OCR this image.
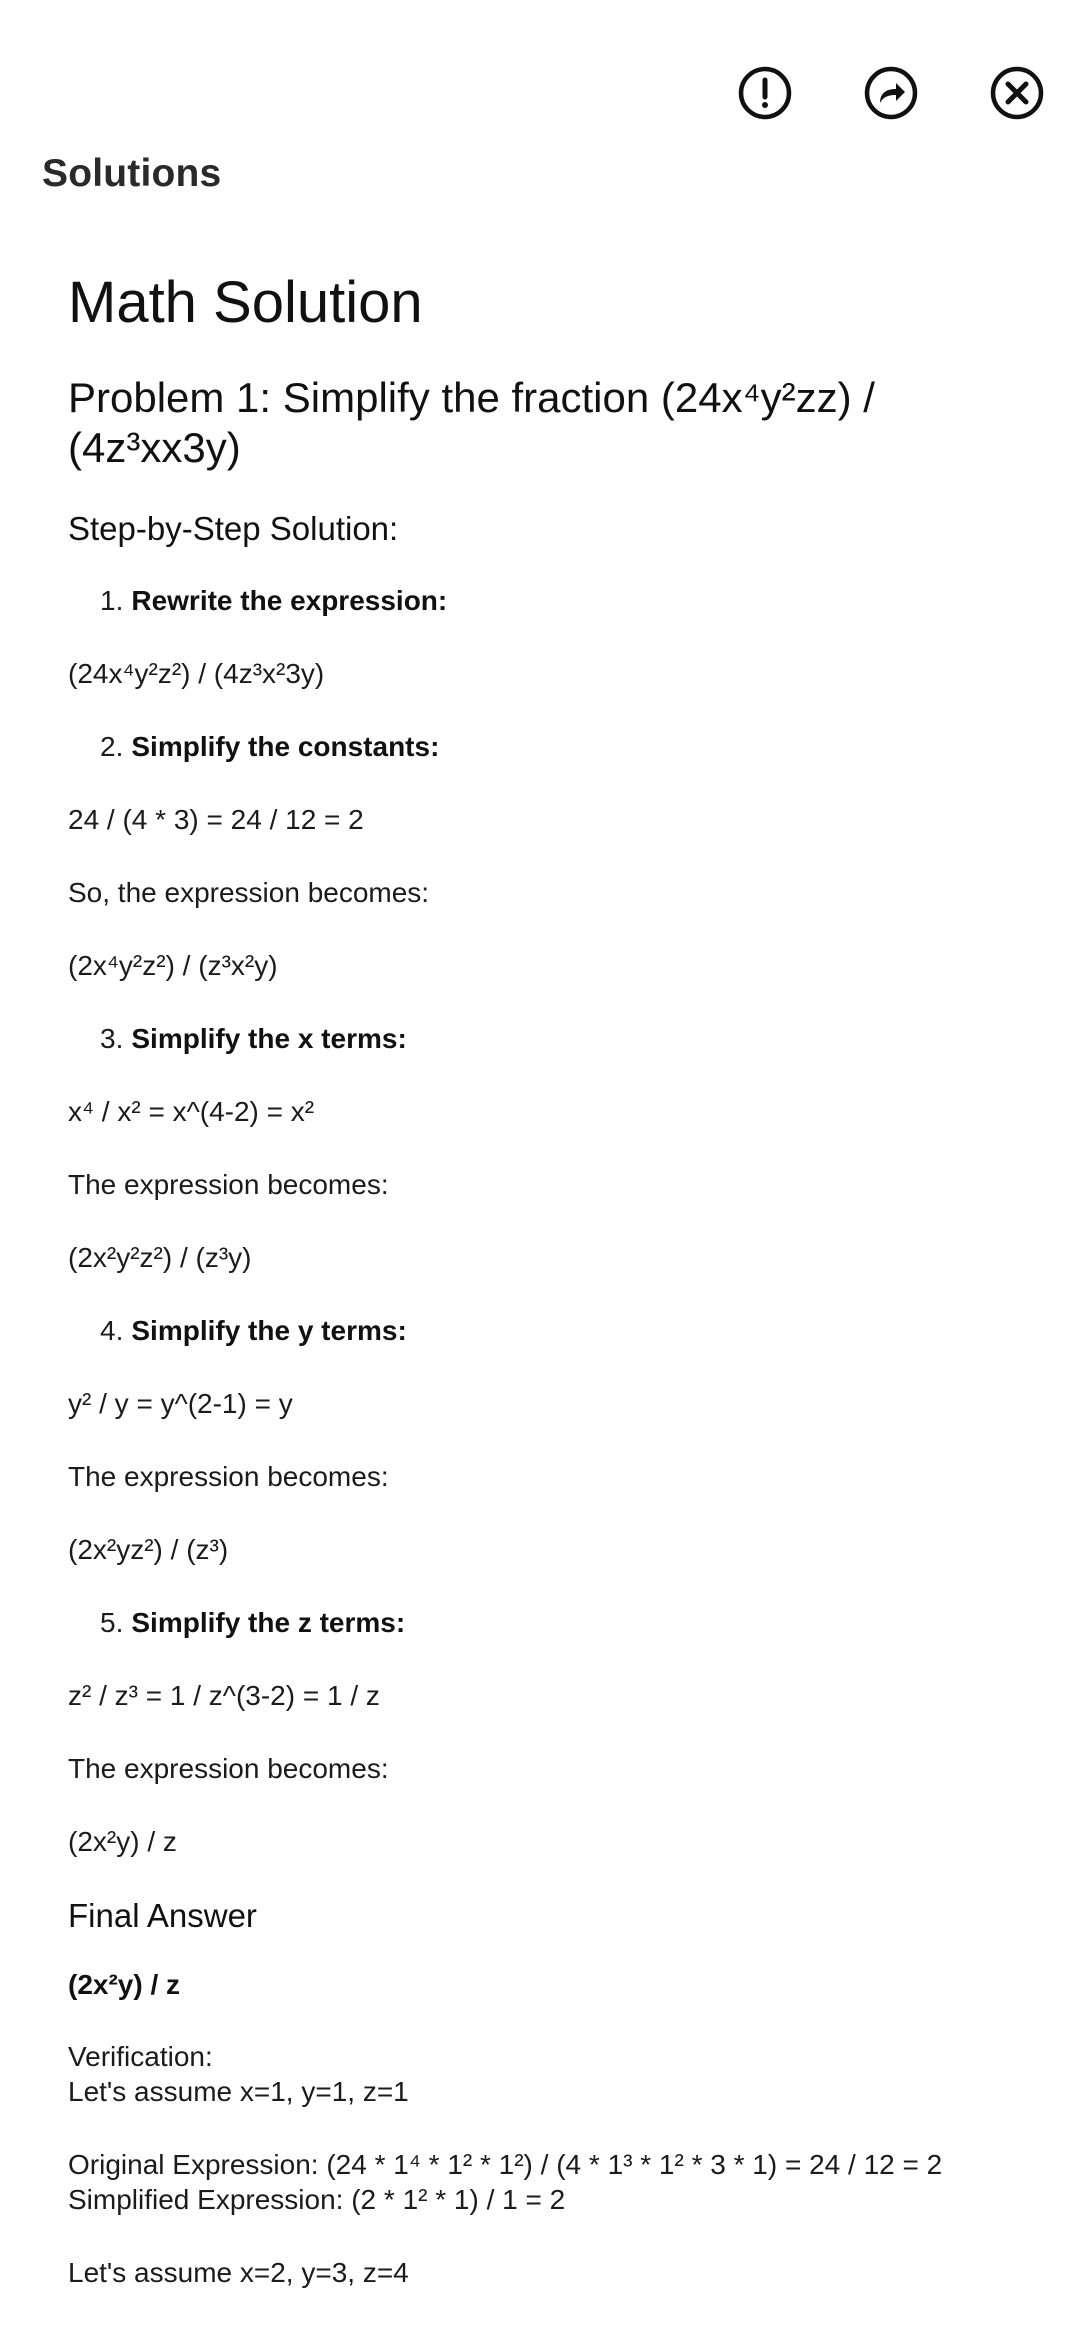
Solutions
Math Solution
Problem 1: Simplify the fraction (24x⁴y²zz) / (4z³xx3y)
Step-by-Step Solution:
1. Rewrite the expression:

(24x⁴y²z²) / (4z³x²3y)

2. Simplify the constants:

24 / (4 * 3) = 24 / 12 = 2

So, the expression becomes:

(2x⁴y²z²) / (z³x²y)

3. Simplify the x terms:

x⁴ / x² = x^(4-2) = x²

The expression becomes:

(2x²y²z²) / (z³y)

4. Simplify the y terms:

y² / y = y^(2-1) = y

The expression becomes:

(2x²yz²) / (z³)

5. Simplify the z terms:

z² / z³ = 1 / z^(3-2) = 1 / z

The expression becomes:

(2x²y) / z

Final Answer
(2x²y) / z
Verification:
Let's assume x=1, y=1, z=1
Original Expression: (24 * 1⁴ * 1² * 1²) / (4 * 1³ * 1² * 3 * 1) = 24 / 12 = 2
Simplified Expression: (2 * 1² * 1) / 1 = 2
Let's assume x=2, y=3, z=4
